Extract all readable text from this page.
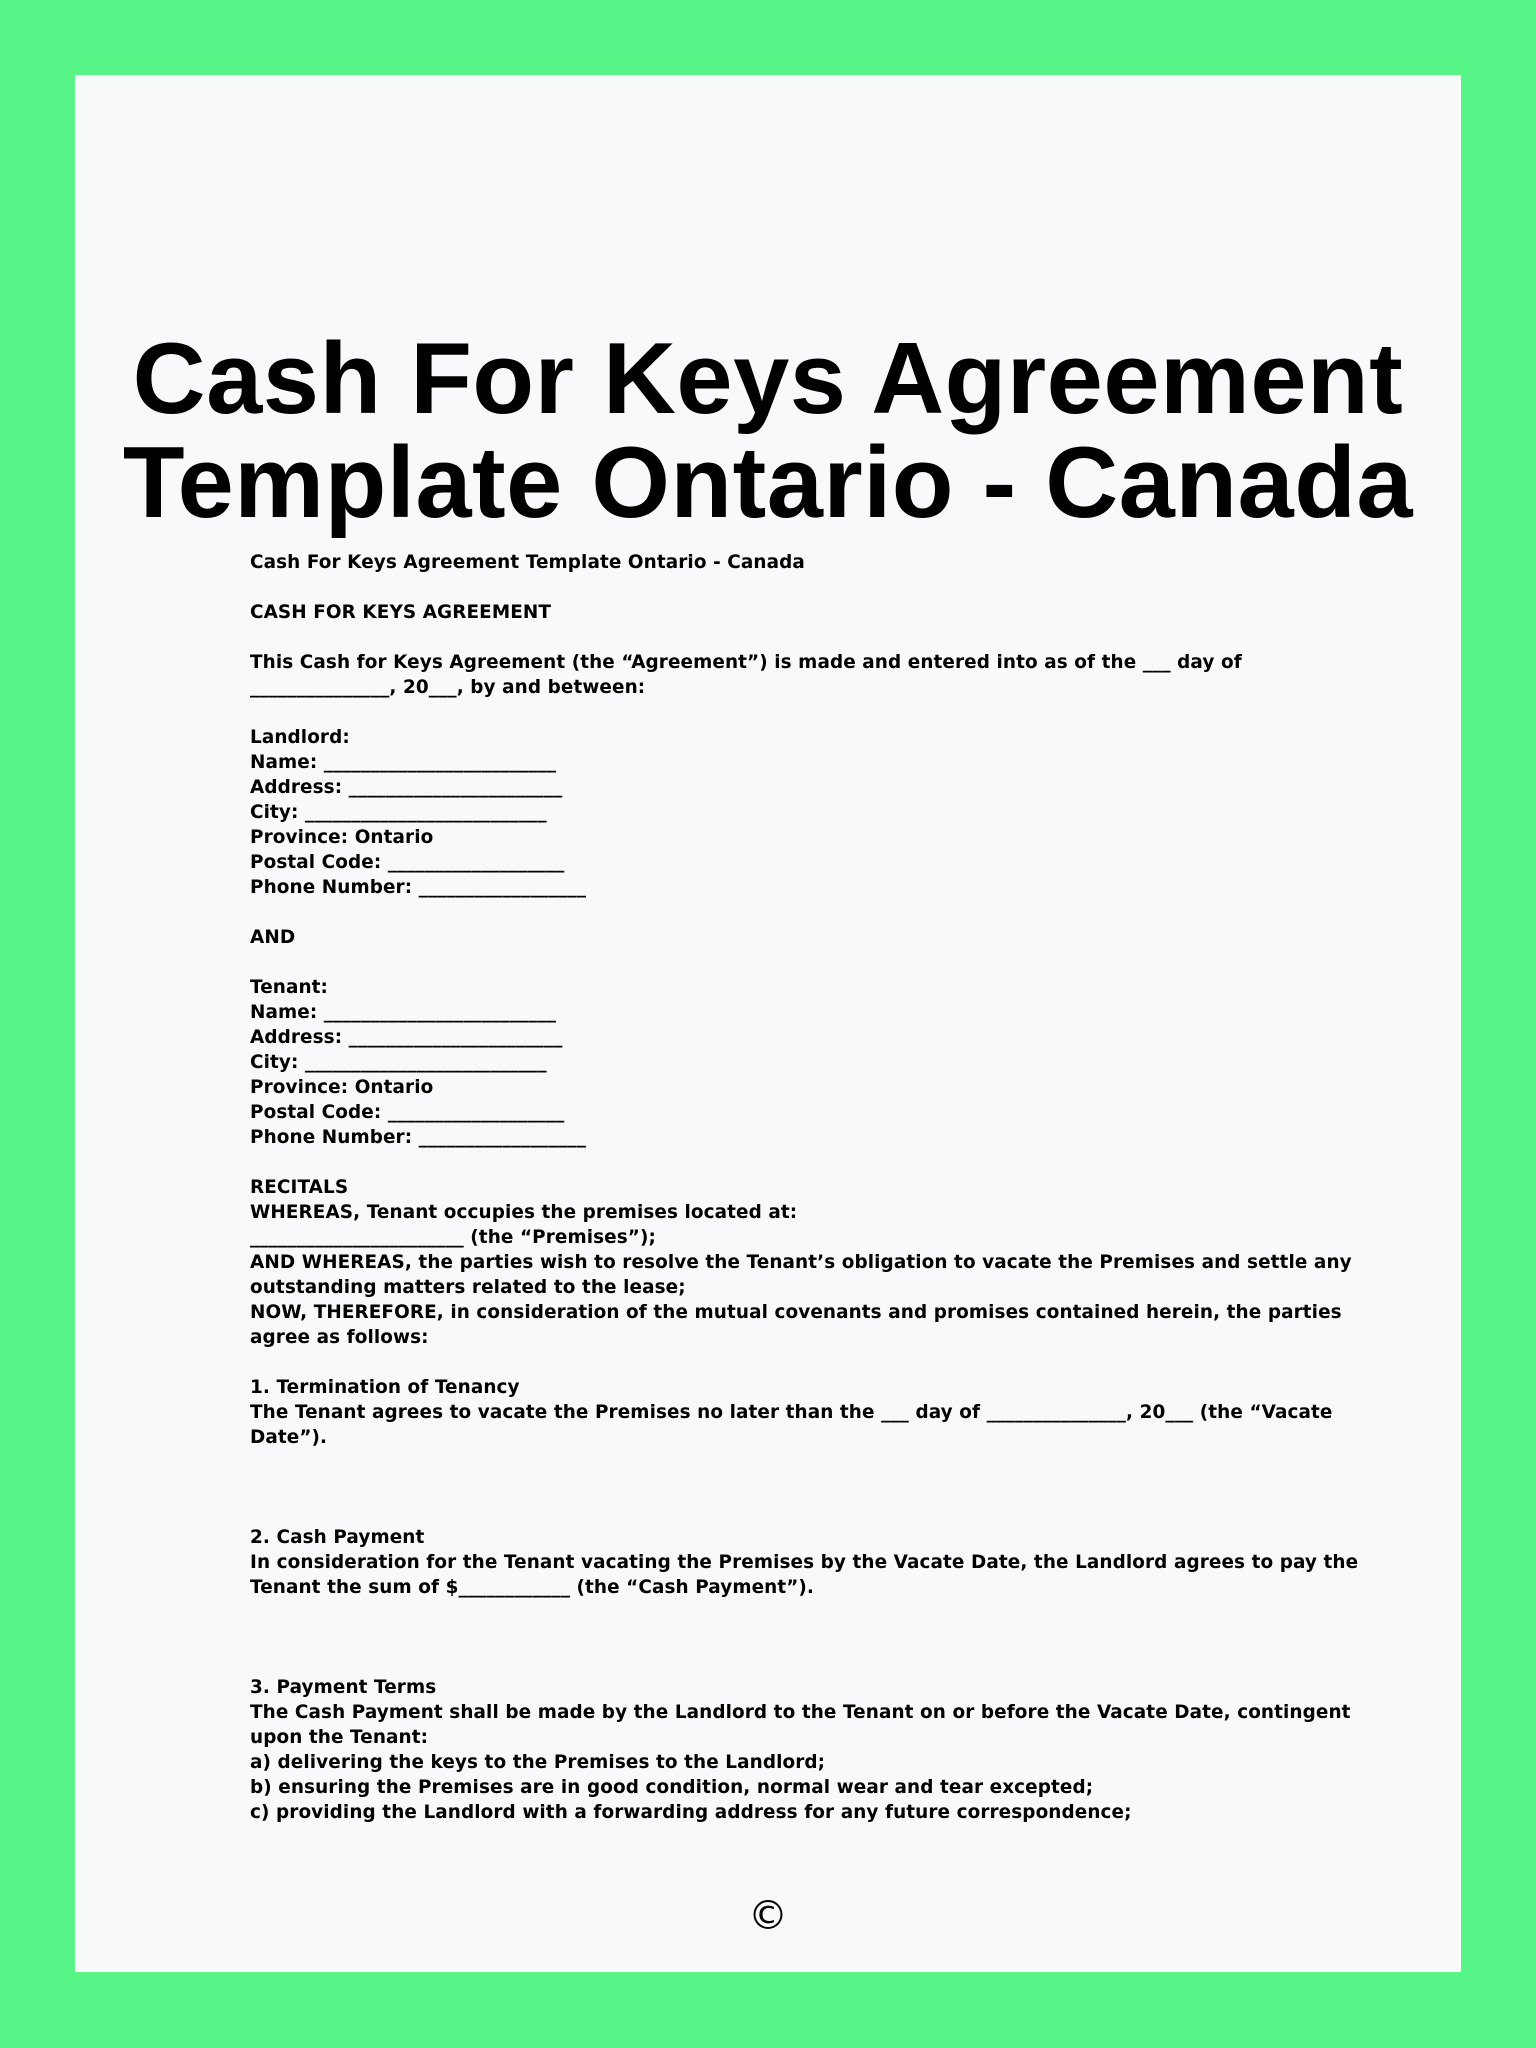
Cash For Keys Agreement
Template Ontario - Canada
Cash For Keys Agreement Template Ontario - Canada
CASH FOR KEYS AGREEMENT
This Cash for Keys Agreement (the “Agreement”) is made and entered into as of the ___ day of
_______________, 20___, by and between:
Landlord:
Name: _________________________
Address: _______________________
City: __________________________
Province: Ontario
Postal Code: ___________________
Phone Number: __________________
AND
Tenant:
Name: _________________________
Address: _______________________
City: __________________________
Province: Ontario
Postal Code: ___________________
Phone Number: __________________
RECITALS
WHEREAS, Tenant occupies the premises located at:
_______________________ (the “Premises”);
AND WHEREAS, the parties wish to resolve the Tenant’s obligation to vacate the Premises and settle any
outstanding matters related to the lease;
NOW, THEREFORE, in consideration of the mutual covenants and promises contained herein, the parties
agree as follows:
1. Termination of Tenancy
The Tenant agrees to vacate the Premises no later than the ___ day of _______________, 20___ (the “Vacate
Date”).
2. Cash Payment
In consideration for the Tenant vacating the Premises by the Vacate Date, the Landlord agrees to pay the
Tenant the sum of $____________ (the “Cash Payment”).
3. Payment Terms
The Cash Payment shall be made by the Landlord to the Tenant on or before the Vacate Date, contingent
upon the Tenant:
a) delivering the keys to the Premises to the Landlord;
b) ensuring the Premises are in good condition, normal wear and tear excepted;
c) providing the Landlord with a forwarding address for any future correspondence;
©
